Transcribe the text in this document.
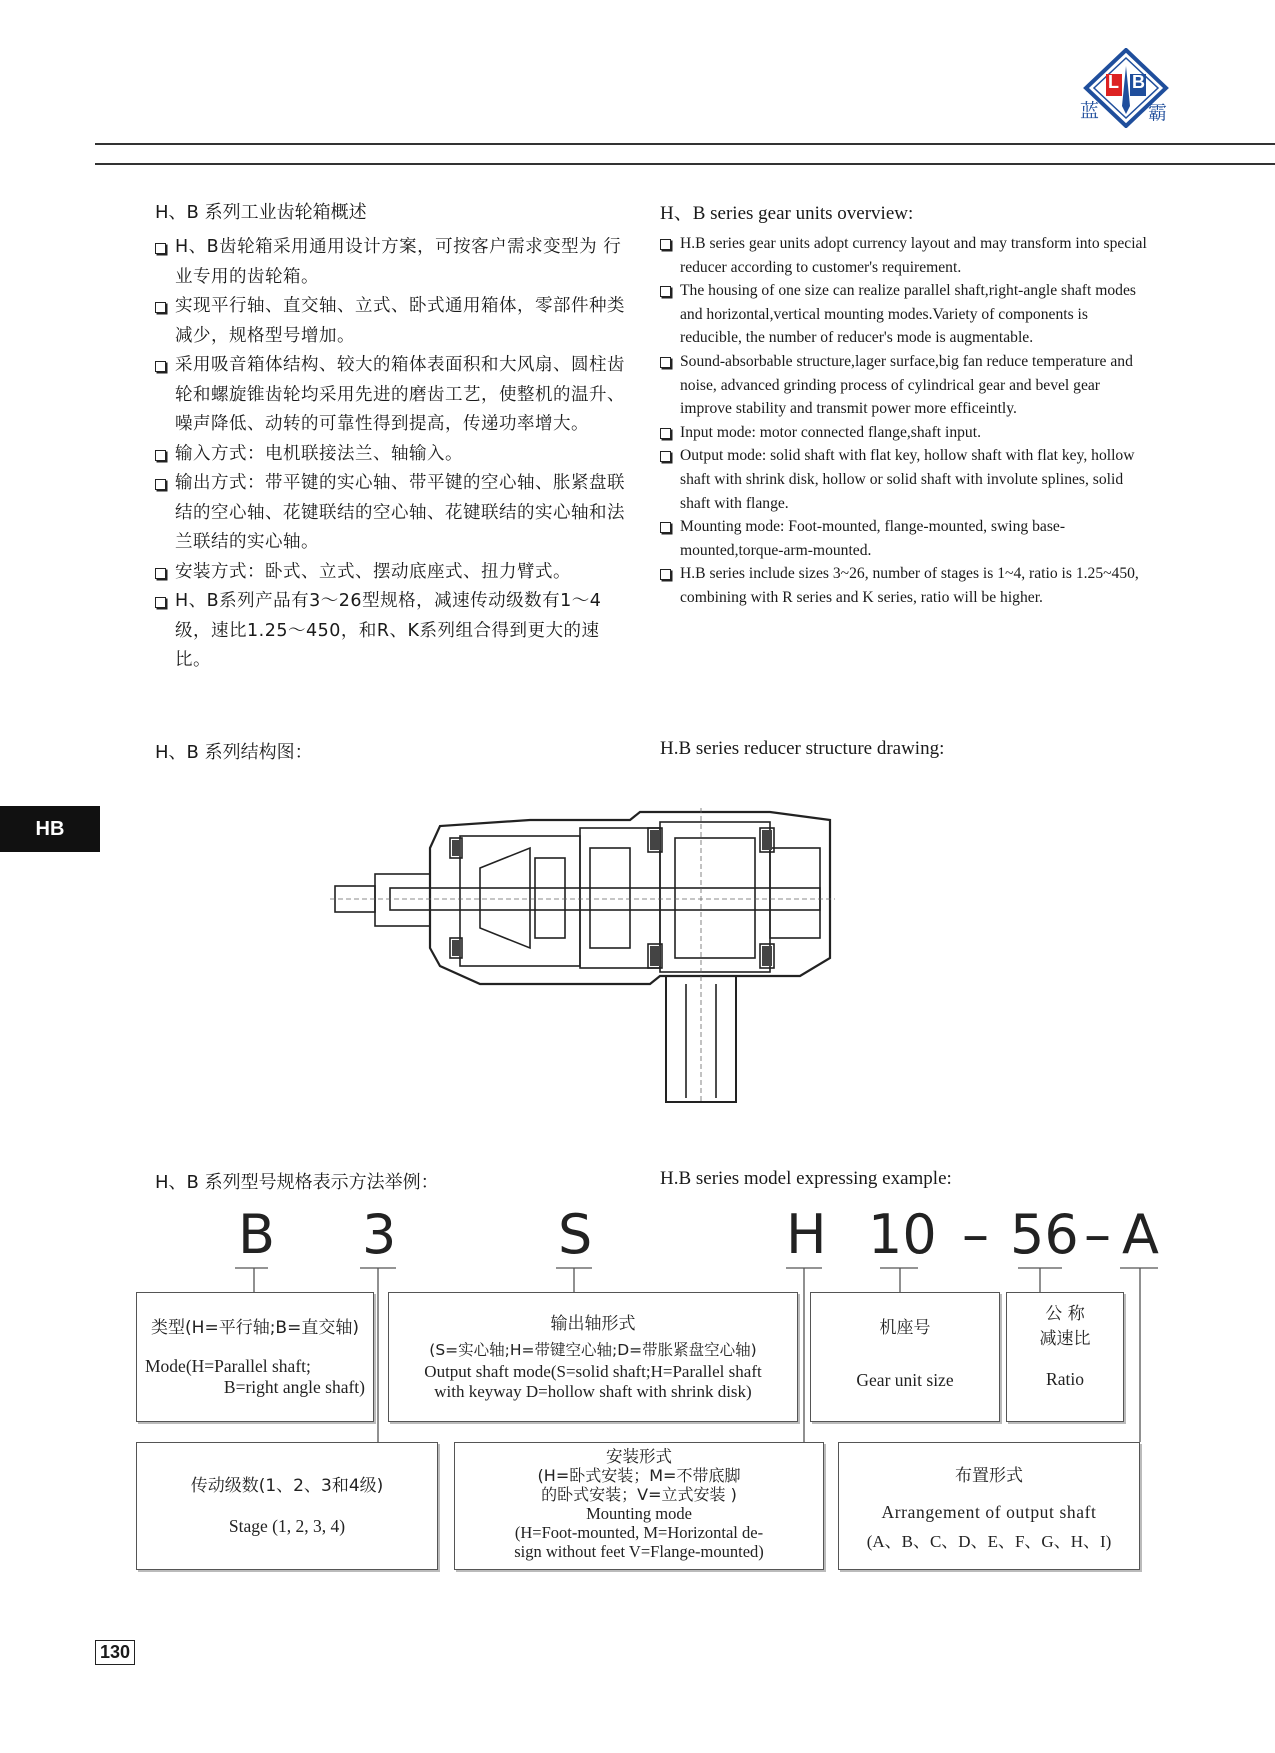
L B
蓝	霸
H、B 系列工业齿轮箱概述	H、B series gear units overview:
H、B齿轮箱采用通用设计方案，可按客户需求变型为 行业专用的齿轮箱。
实现平行轴、直交轴、立式、卧式通用箱体，零部件种类减少，规格型号增加。
采用吸音箱体结构、较大的箱体表面积和大风扇、圆柱齿轮和螺旋锥齿轮均采用先进的磨齿工艺，使整机的温升、噪声降低、动转的可靠性得到提高，传递功率增大。
输入方式：电机联接法兰、轴输入。
输出方式：带平键的实心轴、带平键的空心轴、胀紧盘联结的空心轴、花键联结的空心轴、花键联结的实心轴和法兰联结的实心轴。
安装方式：卧式、立式、摆动底座式、扭力臂式。
H、B系列产品有3～26型规格，减速传动级数有1～4级，速比1.25～450，和R、K系列组合得到更大的速比。
H.B series gear units adopt currency layout and may transform into special reducer according to customer's requirement.
The housing of one size can realize parallel shaft,right-angle shaft modes and horizontal,vertical mounting modes.Variety of components is reducible, the number of reducer's mode is augmentable.
Sound-absorbable structure,lager surface,big fan reduce temperature and noise, advanced grinding process of cylindrical gear and bevel gear improve stability and transmit power more efficeintly.
Input mode: motor connected flange,shaft input.
Output mode: solid shaft with flat key, hollow shaft with flat key, hollow shaft with shrink disk, hollow or solid shaft with involute splines, solid shaft with flange.
Mounting mode: Foot-mounted, flange-mounted, swing base-mounted,torque-arm-mounted.
H.B series include sizes 3~26, number of stages is 1~4, ratio is 1.25~450, combining with R series and K series, ratio will be higher.
H、B 系列结构图：	H.B series reducer structure drawing:
HB
H、B 系列型号规格表示方法举例：	H.B series model expressing example:
B 3	S	H 10 – 56 – A
类型(H=平行轴;B=直交轴)
Mode(H=Parallel shaft;
B=right angle shaft)
输出轴形式
(S=实心轴;H=带键空心轴;D=带胀紧盘空心轴)
Output shaft mode(S=solid shaft;H=Parallel shaft
with keyway D=hollow shaft with shrink disk)
机座号
Gear unit size
公 称
减速比
Ratio
传动级数(1、2、3和4级)
Stage (1, 2, 3, 4)
安装形式
(H=卧式安装；M=不带底脚
的卧式安装；V=立式安装 )
Mounting mode
(H=Foot-mounted, M=Horizontal de-
sign without feet V=Flange-mounted)
布置形式
Arrangement of output shaft
(A、B、C、D、E、F、G、H、I)
130
